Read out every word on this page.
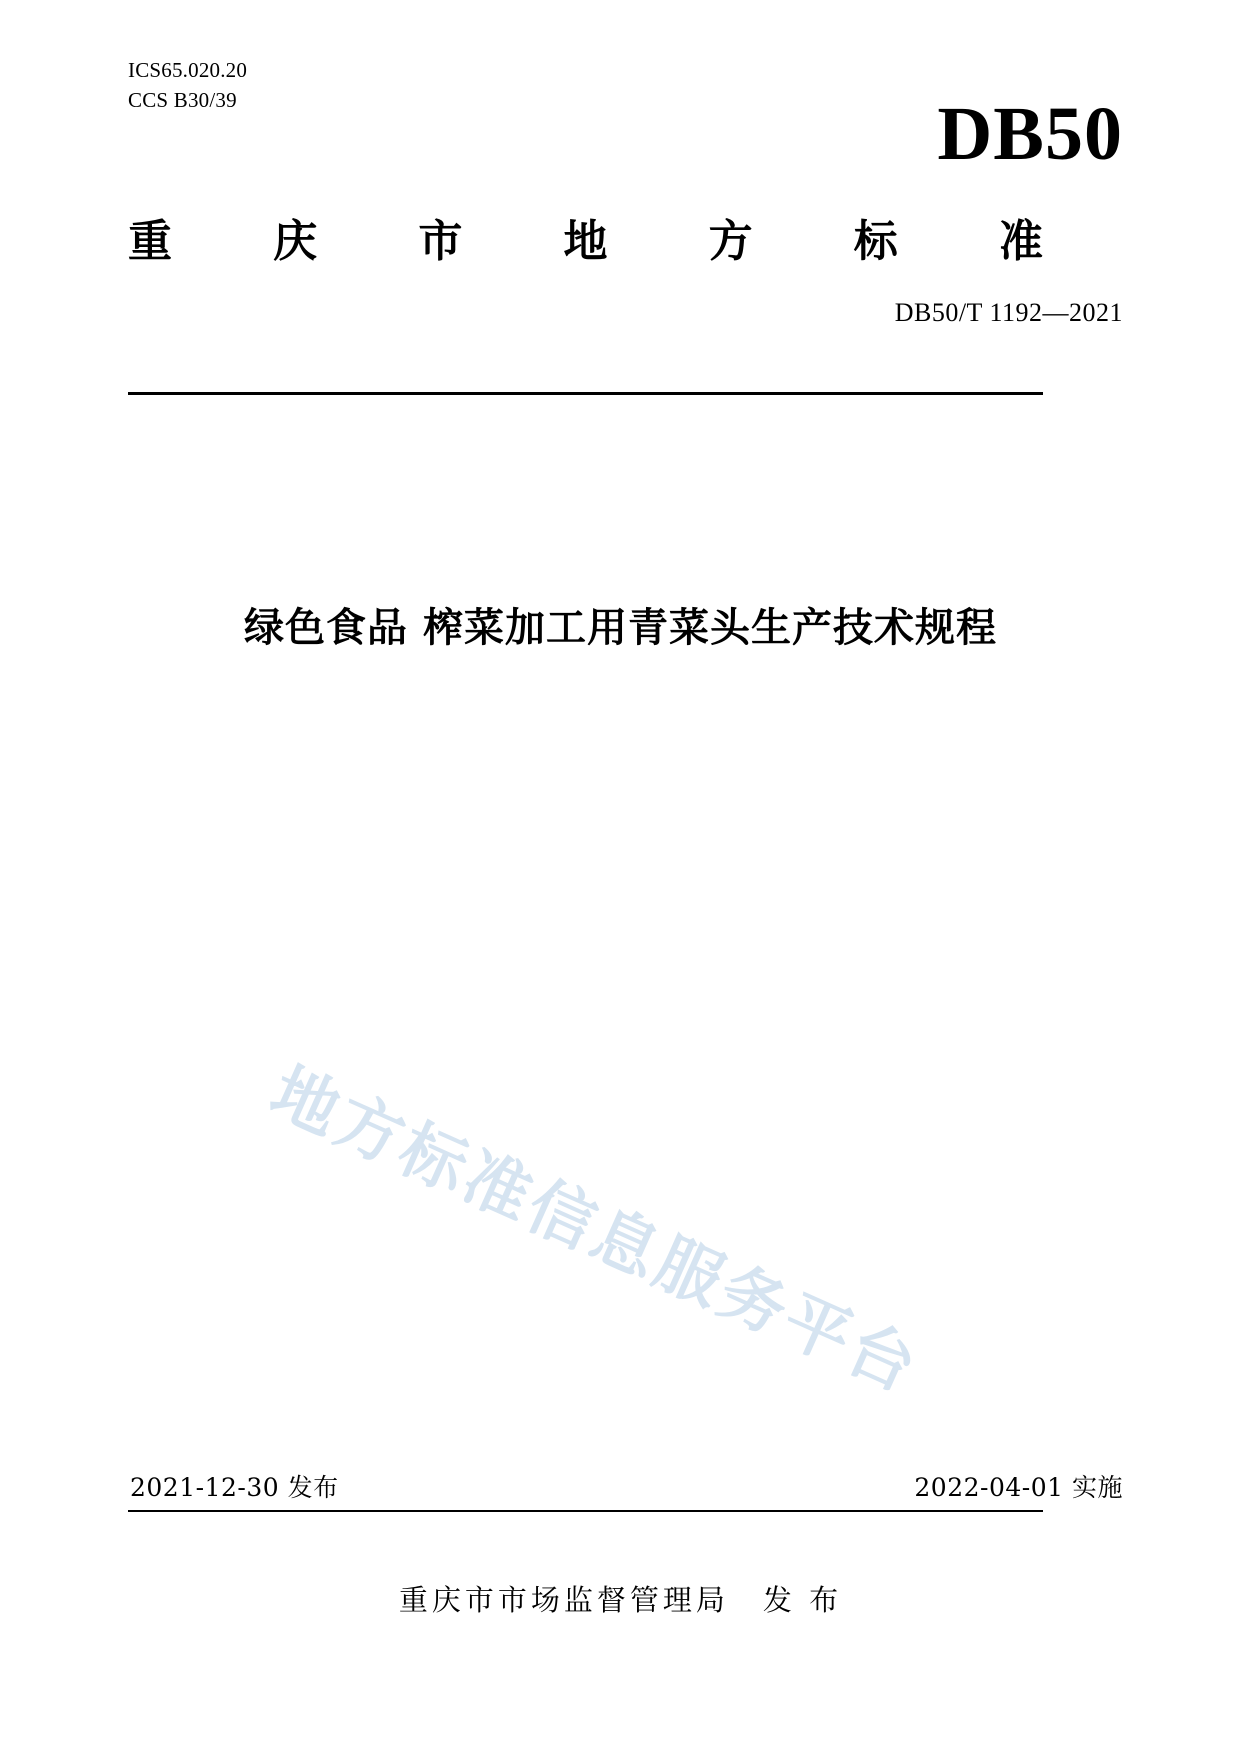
ICS65.020.20
CCS B30/39	DB50
重 庆 市 地 方 标 准
DB50/T 1192—2021
绿色食品 榨菜加工用青菜头生产技术规程
地方标准信息服务平台
2021-12-30 发布	2022-04-01 实施
重庆市市场监督管理局 发 布
